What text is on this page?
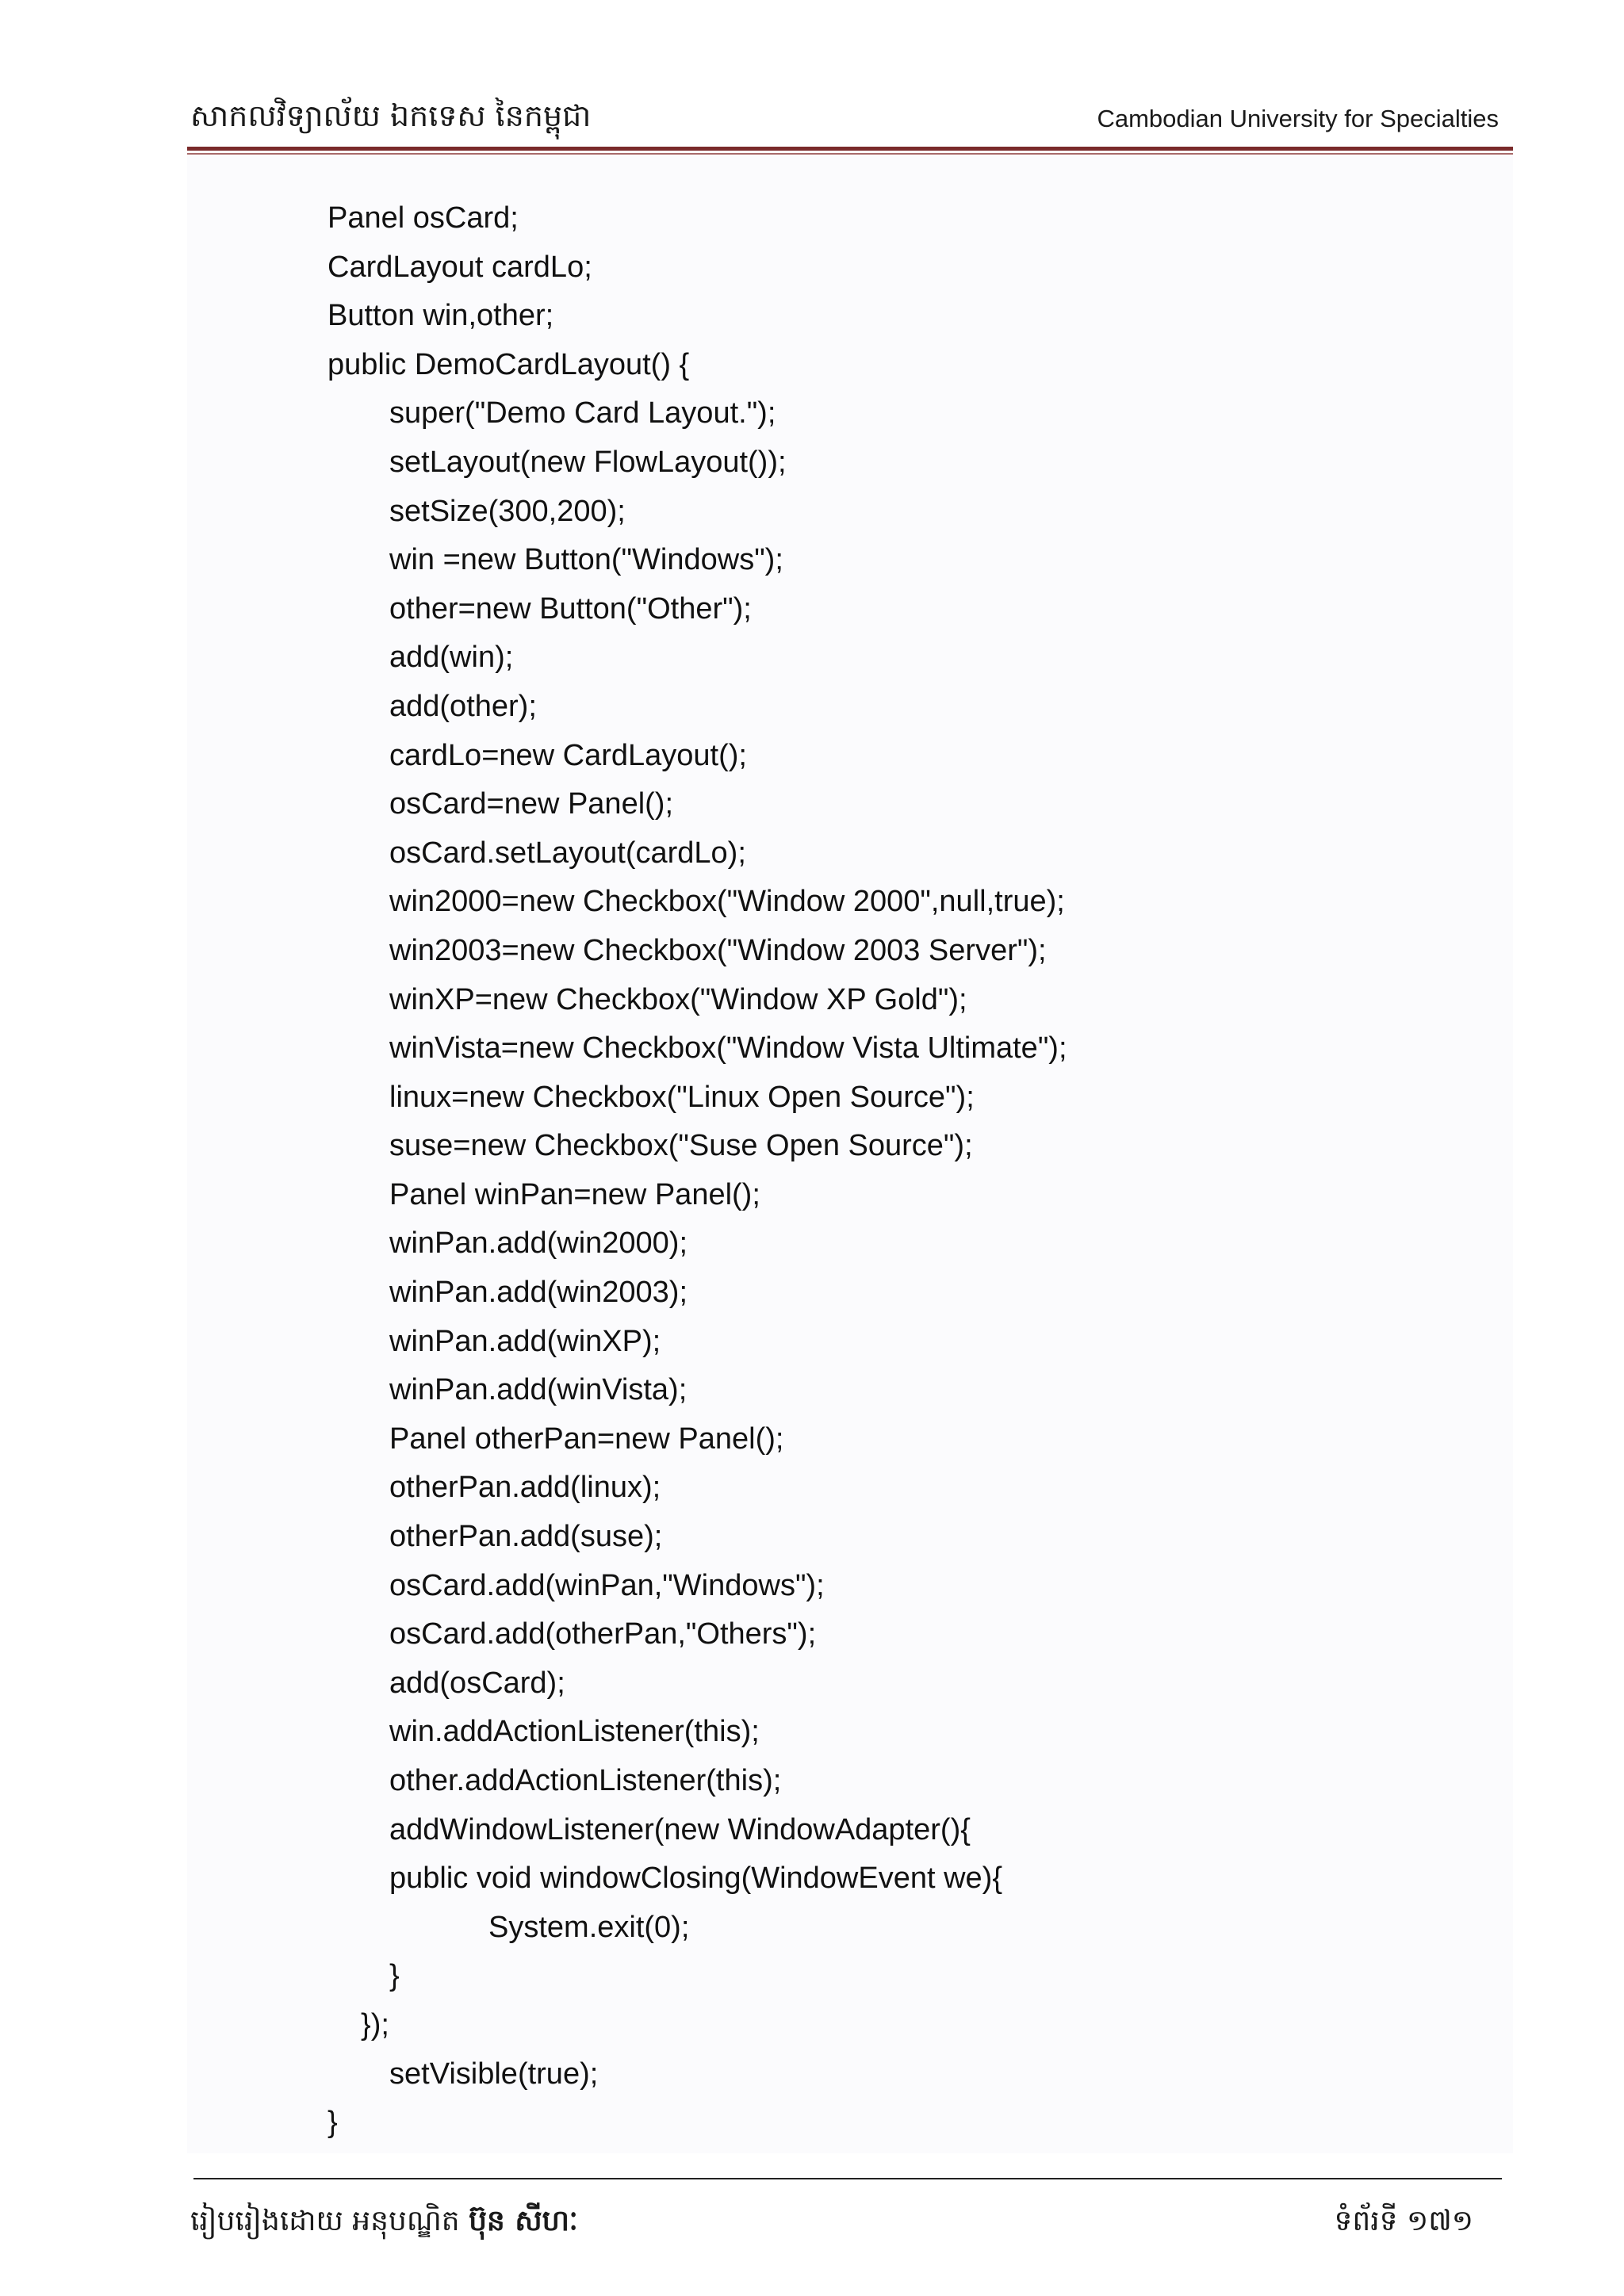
សាកលវិទ្យាល័យ ឯកទេស នៃកម្ពុជា	Cambodian University for Specialties
Panel osCard;
CardLayout cardLo;
Button win,other;
public DemoCardLayout() {
super("Demo Card Layout.");
setLayout(new FlowLayout());
setSize(300,200);
win =new Button("Windows");
other=new Button("Other");
add(win);
add(other);
cardLo=new CardLayout();
osCard=new Panel();
osCard.setLayout(cardLo);
win2000=new Checkbox("Window 2000",null,true);
win2003=new Checkbox("Window 2003 Server");
winXP=new Checkbox("Window XP Gold");
winVista=new Checkbox("Window Vista Ultimate");
linux=new Checkbox("Linux Open Source");
suse=new Checkbox("Suse Open Source");
Panel winPan=new Panel();
winPan.add(win2000);
winPan.add(win2003);
winPan.add(winXP);
winPan.add(winVista);
Panel otherPan=new Panel();
otherPan.add(linux);
otherPan.add(suse);
osCard.add(winPan,"Windows");
osCard.add(otherPan,"Others");
add(osCard);
win.addActionListener(this);
other.addActionListener(this);
addWindowListener(new WindowAdapter(){
public void windowClosing(WindowEvent we){
System.exit(0);
}
});
setVisible(true);
}
រៀបរៀងដោយ អនុបណ្ឌិត ប៊ុន សីហៈ	ទំព័រទី ១៧១
